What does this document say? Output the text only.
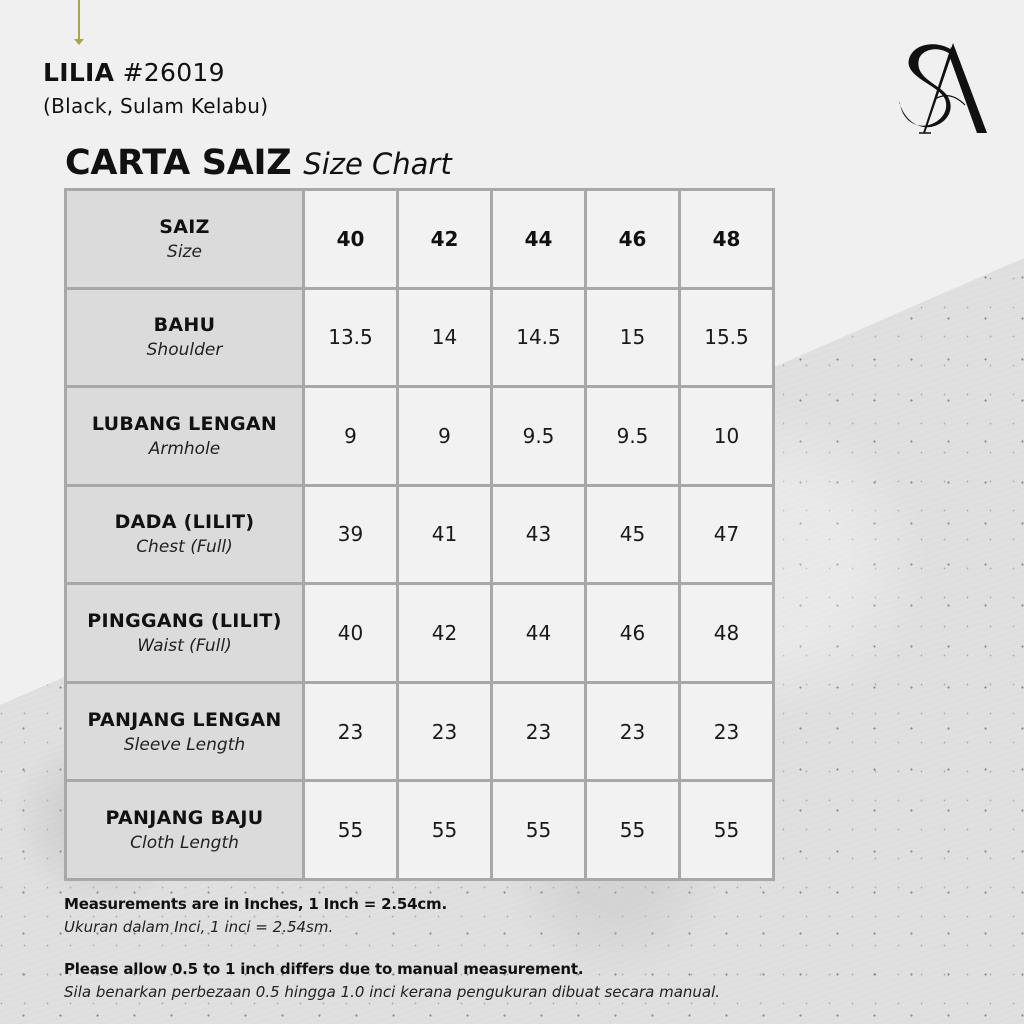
LILIA #26019
(Black, Sulam Kelabu)
CARTA SAIZ Size Chart
SAIZ
Size	40	42	44	46	48

BAHU
Shoulder	13.5	14	14.5	15	15.5

LUBANG LENGAN
Armhole	9	9	9.5	9.5	10

DADA (LILIT)
Chest (Full)	39	41	43	45	47

PINGGANG (LILIT)
Waist (Full)	40	42	44	46	48

PANJANG LENGAN
Sleeve Length	23	23	23	23	23

PANJANG BAJU
Cloth Length	55	55	55	55	55
Measurements are in Inches, 1 Inch = 2.54cm.
Ukuran dalam Inci, 1 inci = 2.54sm.
Please allow 0.5 to 1 inch differs due to manual measurement.
Sila benarkan perbezaan 0.5 hingga 1.0 inci kerana pengukuran dibuat secara manual.
